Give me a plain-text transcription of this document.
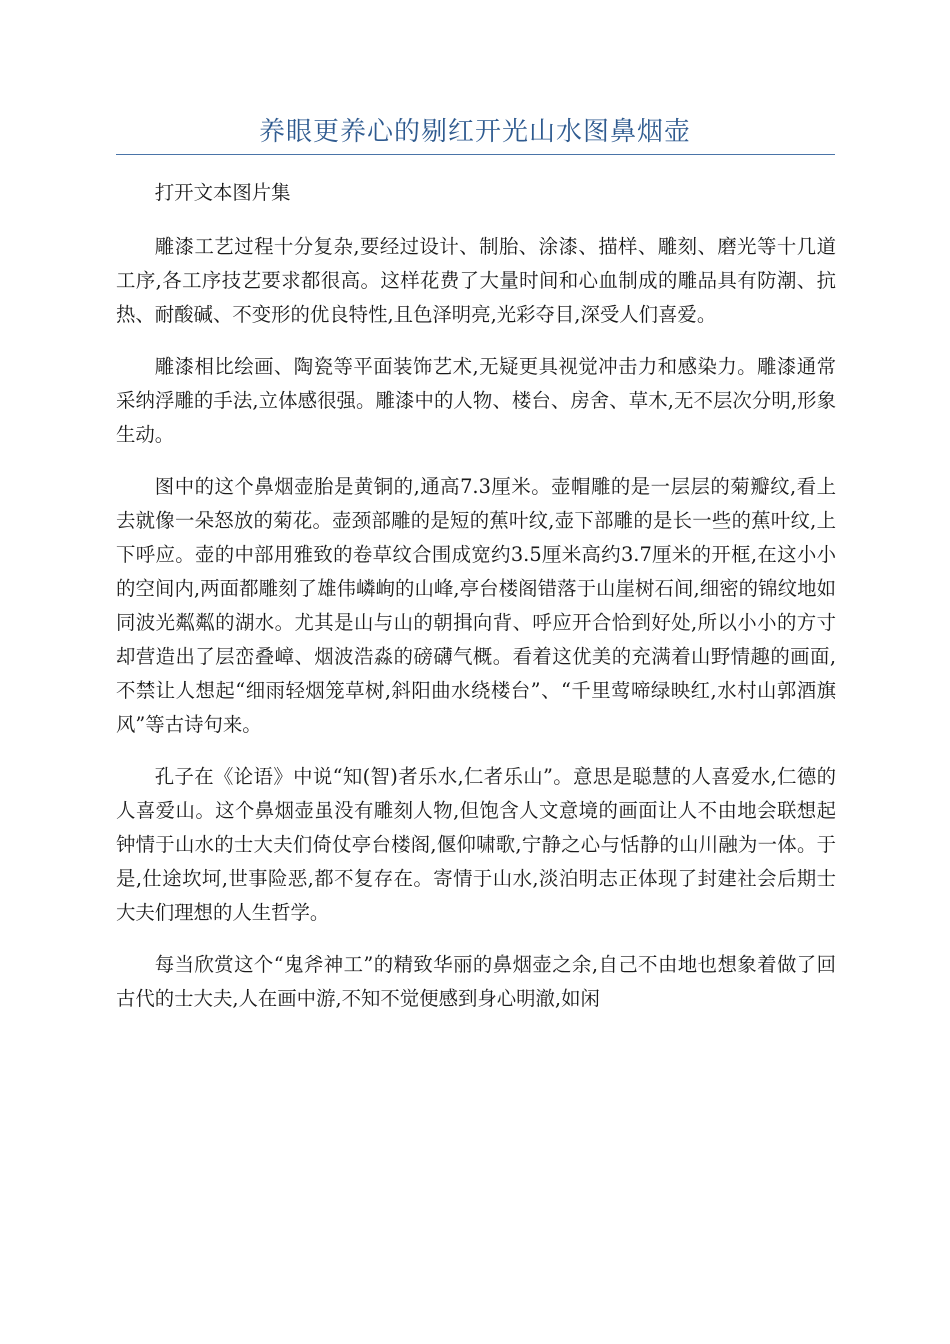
养眼更养心的剔红开光山水图鼻烟壶

打开文本图片集

雕漆工艺过程十分复杂,要经过设计、制胎、涂漆、描样、雕刻、磨光等十几道工序,各工序技艺要求都很高。这样花费了大量时间和心血制成的雕品具有防潮、抗热、耐酸碱、不变形的优良特性,且色泽明亮,光彩夺目,深受人们喜爱。

雕漆相比绘画、陶瓷等平面装饰艺术,无疑更具视觉冲击力和感染力。雕漆通常采纳浮雕的手法,立体感很强。雕漆中的人物、楼台、房舍、草木,无不层次分明,形象生动。

图中的这个鼻烟壶胎是黄铜的,通高7.3厘米。壶帽雕的是一层层的菊瓣纹,看上去就像一朵怒放的菊花。壶颈部雕的是短的蕉叶纹,壶下部雕的是长一些的蕉叶纹,上下呼应。壶的中部用雅致的卷草纹合围成宽约3.5厘米高约3.7厘米的开框,在这小小的空间内,两面都雕刻了雄伟嶙峋的山峰,亭台楼阁错落于山崖树石间,细密的锦纹地如同波光粼粼的湖水。尤其是山与山的朝揖向背、呼应开合恰到好处,所以小小的方寸却营造出了层峦叠嶂、烟波浩淼的磅礴气概。看着这优美的充满着山野情趣的画面,不禁让人想起“细雨轻烟笼草树,斜阳曲水绕楼台”、“千里莺啼绿映红,水村山郭酒旗风”等古诗句来。

孔子在《论语》中说“知(智)者乐水,仁者乐山”。意思是聪慧的人喜爱水,仁德的人喜爱山。这个鼻烟壶虽没有雕刻人物,但饱含人文意境的画面让人不由地会联想起钟情于山水的士大夫们倚仗亭台楼阁,偃仰啸歌,宁静之心与恬静的山川融为一体。于是,仕途坎坷,世事险恶,都不复存在。寄情于山水,淡泊明志正体现了封建社会后期士大夫们理想的人生哲学。

每当欣赏这个“鬼斧神工”的精致华丽的鼻烟壶之余,自己不由地也想象着做了回古代的士大夫,人在画中游,不知不觉便感到身心明澈,如闲
